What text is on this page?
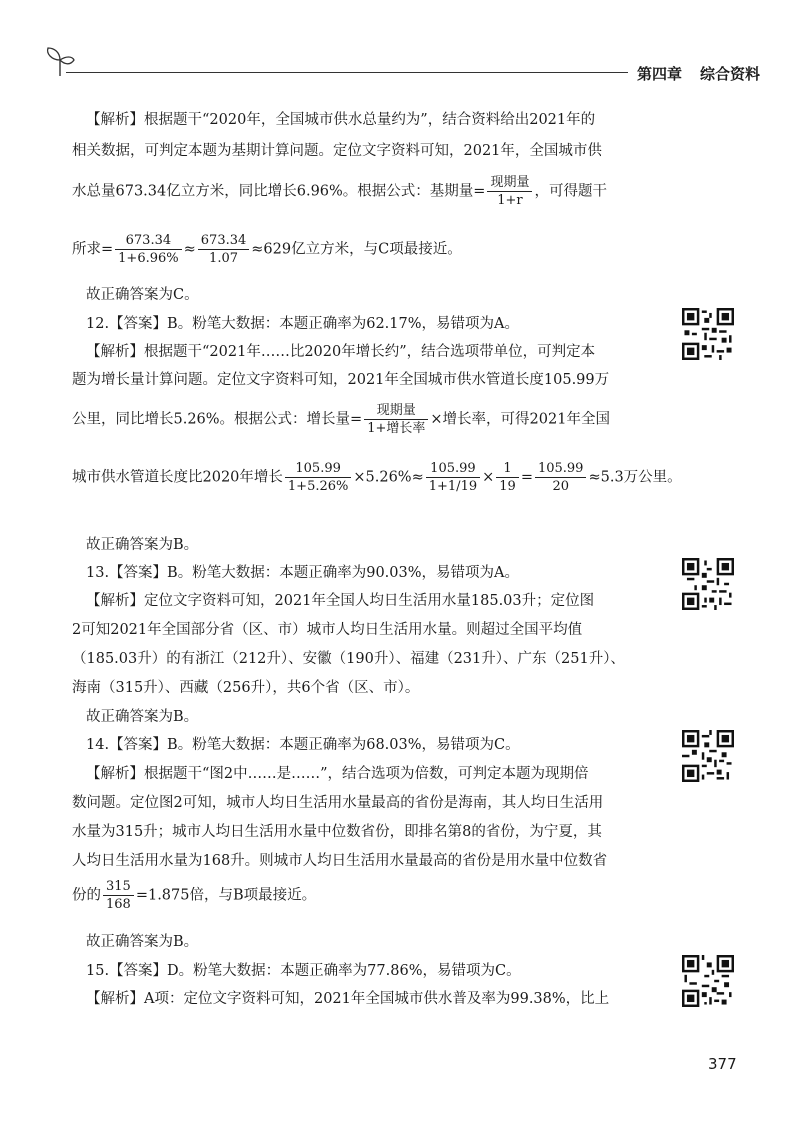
第四章 综合资料
【解析】根据题干“2020年，全国城市供水总量约为”，结合资料给出2021年的
相关数据，可判定本题为基期计算问题。定位文字资料可知，2021年，全国城市供
水总量673.34亿立方米，同比增长6.96%。根据公式：基期量= $\frac{\text{现期量}}{1+r}$ ，可得题干
所求= $\frac{673.34}{1+6.96\%} \approx \frac{673.34}{1.07} \approx 629$亿立方米，与C项最接近。
故正确答案为C。
12.【答案】B。粉笔大数据：本题正确率为62.17%，易错项为A。
【解析】根据题干“2021年……比2020年增长约”，结合选项带单位，可判定本
题为增长量计算问题。定位文字资料可知，2021年全国城市供水管道长度105.99万
公里，同比增长5.26%。根据公式：增长量= $\frac{\text{现期量}}{\text{1+增长率}}$ ×增长率，可得2021年全国
城市供水管道长度比2020年增长 $\frac{105.99}{1+5.26\%} \times 5.26\%\approx \frac{105.99}{1+1/19} \times \frac{1}{19} = \frac{105.99}{20} \approx 5.3$万公里。
故正确答案为B。
13.【答案】B。粉笔大数据：本题正确率为90.03%，易错项为A。
【解析】定位文字资料可知，2021年全国人均日生活用水量185.03升；定位图
2可知2021年全国部分省（区、市）城市人均日生活用水量。则超过全国平均值
（185.03升）的有浙江（212升）、安徽（190升）、福建（231升）、广东（251升）、
海南（315升）、西藏（256升），共6个省（区、市）。
故正确答案为B。
14.【答案】B。粉笔大数据：本题正确率为68.03%，易错项为C。
【解析】根据题干“图2中……是……”，结合选项为倍数，可判定本题为现期倍
数问题。定位图2可知，城市人均日生活用水量最高的省份是海南，其人均日生活用
水量为315升；城市人均日生活用水量中位数省份，即排名第8的省份，为宁夏，其
人均日生活用水量为168升。则城市人均日生活用水量最高的省份是用水量中位数省
份的 $\frac{315}{168} =1.875$倍，与B项最接近。
故正确答案为B。
15.【答案】D。粉笔大数据：本题正确率为77.86%，易错项为C。
【解析】A项：定位文字资料可知，2021年全国城市供水普及率为99.38%，比上
377
